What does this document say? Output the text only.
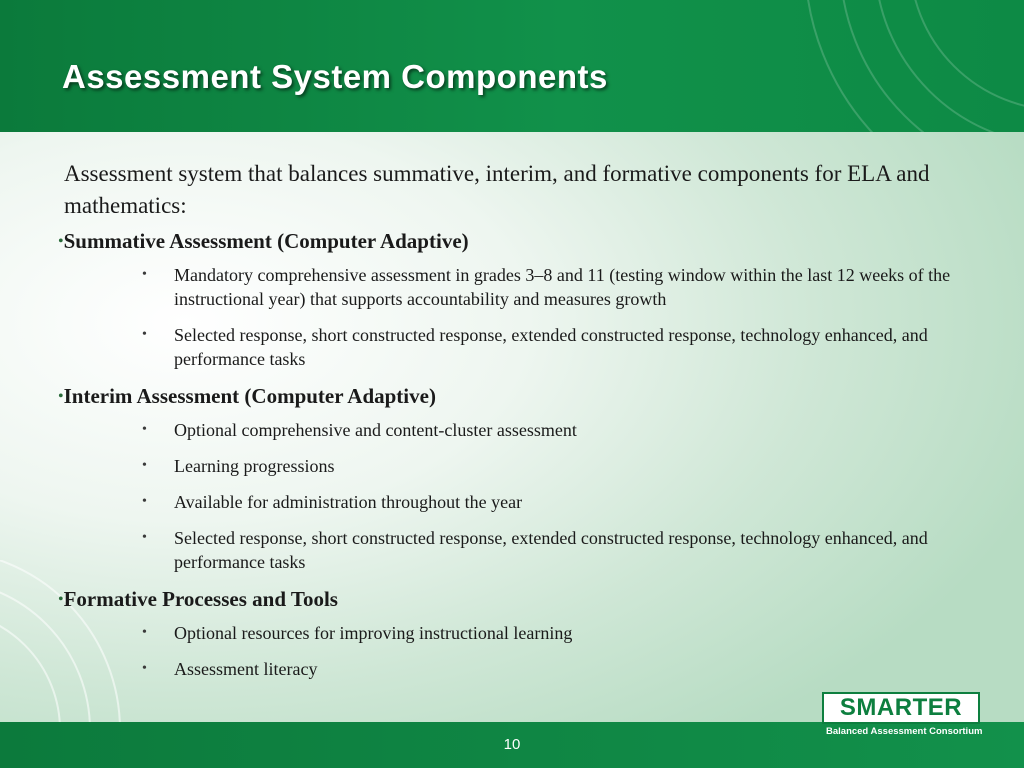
Assessment System Components

Assessment system that balances summative, interim, and formative components for ELA and mathematics:

•Summative Assessment (Computer Adaptive)
• Mandatory comprehensive assessment in grades 3–8 and 11 (testing window within the last 12 weeks of the instructional year) that supports accountability and measures growth
• Selected response, short constructed response, extended constructed response, technology enhanced, and performance tasks
•Interim Assessment (Computer Adaptive)
• Optional comprehensive and content-cluster assessment
• Learning progressions
• Available for administration throughout the year
• Selected response, short constructed response, extended constructed response, technology enhanced, and performance tasks
•Formative Processes and Tools
• Optional resources for improving instructional learning
• Assessment literacy
10
SMARTER
Balanced Assessment Consortium
